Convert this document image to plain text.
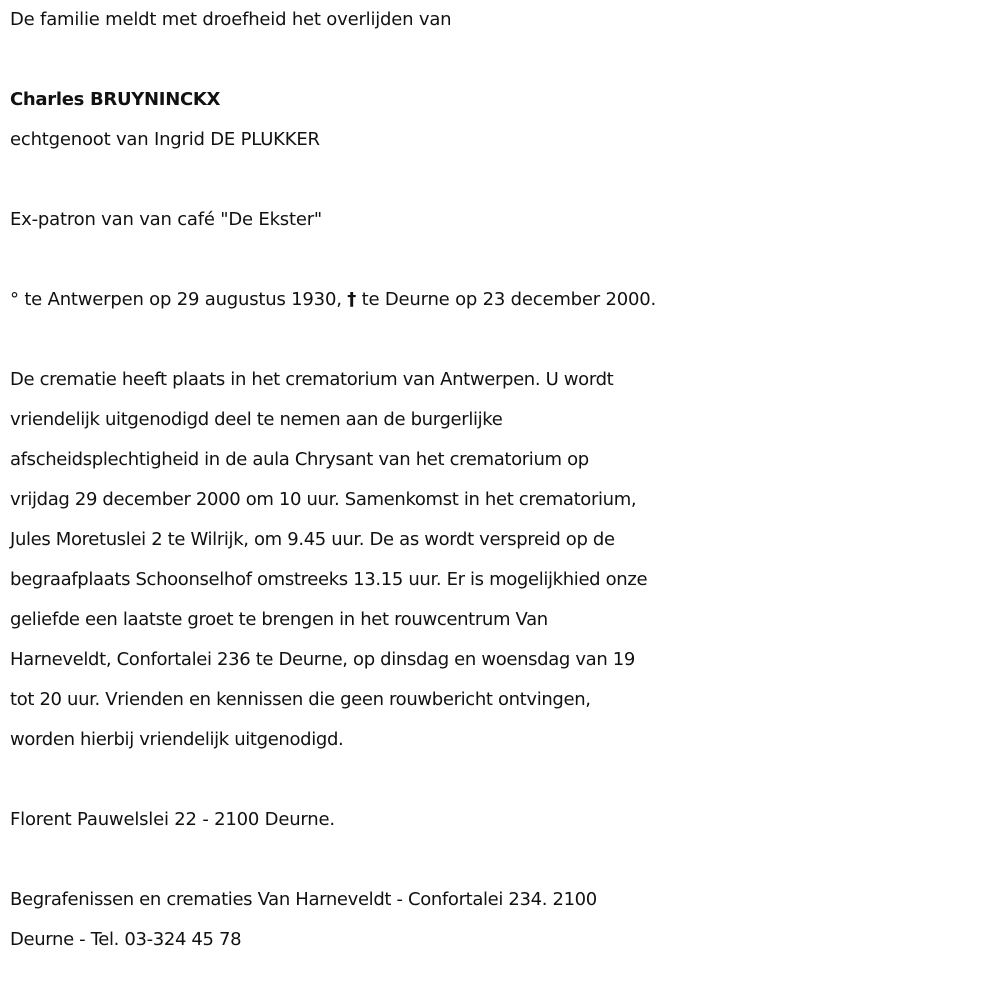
De familie meldt met droefheid het overlijden van
Charles BRUYNINCKX
echtgenoot van Ingrid DE PLUKKER
Ex-patron van van café "De Ekster"
° te Antwerpen op 29 augustus 1930, † te Deurne op 23 december 2000.
De crematie heeft plaats in het crematorium van Antwerpen. U wordt
vriendelijk uitgenodigd deel te nemen aan de burgerlijke
afscheidsplechtigheid in de aula Chrysant van het crematorium op
vrijdag 29 december 2000 om 10 uur. Samenkomst in het crematorium,
Jules Moretuslei 2 te Wilrijk, om 9.45 uur. De as wordt verspreid op de
begraafplaats Schoonselhof omstreeks 13.15 uur. Er is mogelijkhied onze
geliefde een laatste groet te brengen in het rouwcentrum Van
Harneveldt, Confortalei 236 te Deurne, op dinsdag en woensdag van 19
tot 20 uur. Vrienden en kennissen die geen rouwbericht ontvingen,
worden hierbij vriendelijk uitgenodigd.
Florent Pauwelslei 22 - 2100 Deurne.
Begrafenissen en crematies Van Harneveldt - Confortalei 234. 2100
Deurne - Tel. 03-324 45 78
